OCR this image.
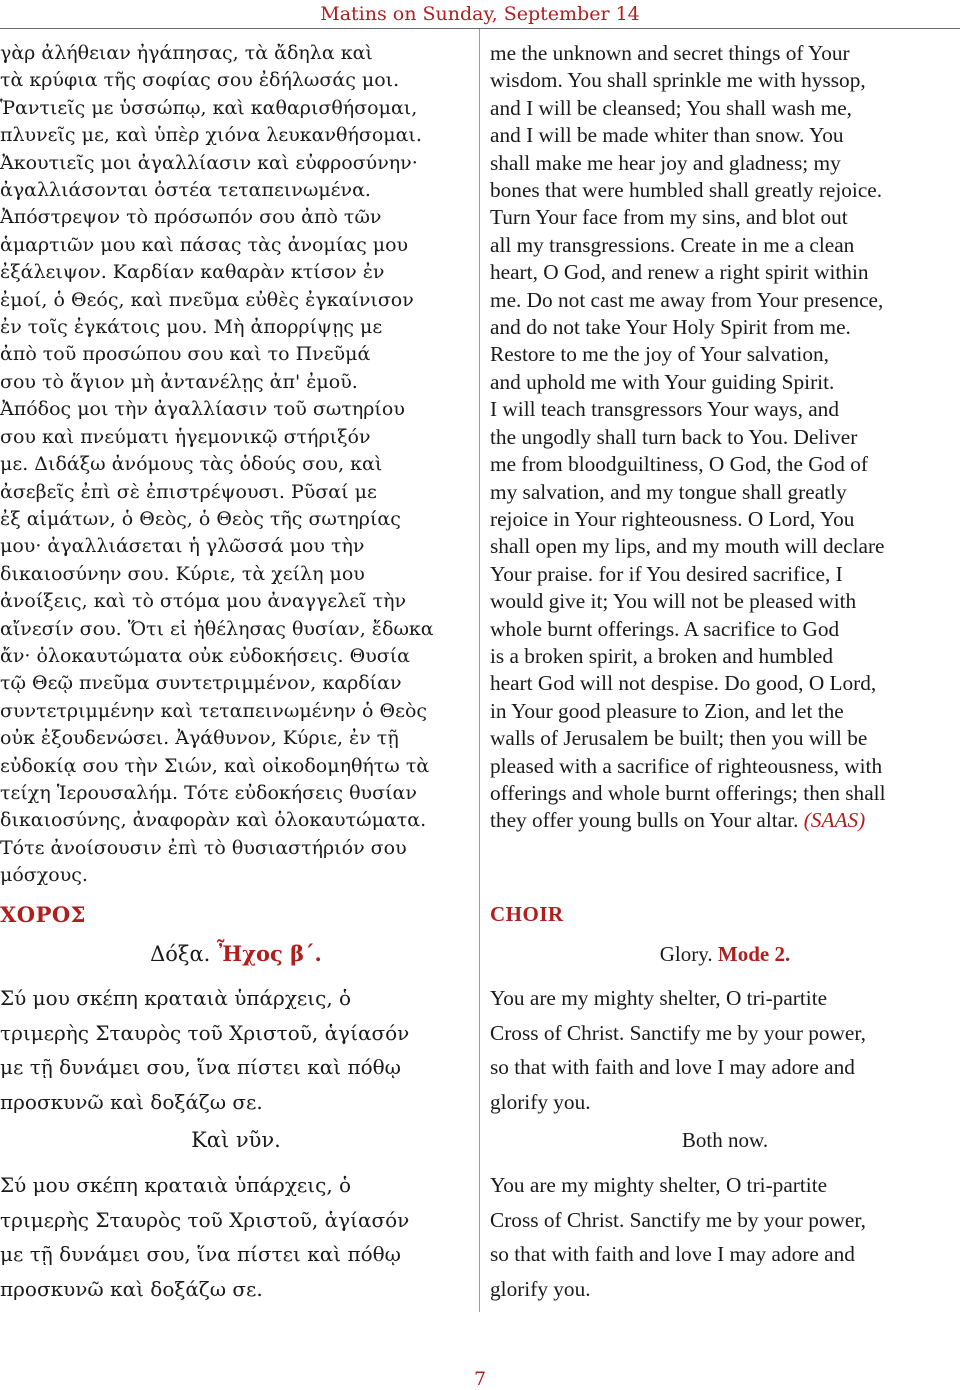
Matins on Sunday, September 14

γὰρ ἀλήθειαν ἠγάπησας, τὰ ἄδηλα καὶ
τὰ κρύφια τῆς σοφίας σου ἐδήλωσάς μοι.
Ῥαντιεῖς με ὑσσώπῳ, καὶ καθαρισθήσομαι,
πλυνεῖς με, καὶ ὑπὲρ χιόνα λευκανθήσομαι.
Ἀκουτιεῖς μοι ἀγαλλίασιν καὶ εὐφροσύνην·
ἀγαλλιάσονται ὀστέα τεταπεινωμένα.
Ἀπόστρεψον τὸ πρόσωπόν σου ἀπὸ τῶν
ἁμαρτιῶν μου καὶ πάσας τὰς ἀνομίας μου
ἐξάλειψον. Καρδίαν καθαρὰν κτίσον ἐν
ἐμοί, ὁ Θεός, καὶ πνεῦμα εὐθὲς ἐγκαίνισον
ἐν τοῖς ἐγκάτοις μου. Μὴ ἀπορρίψῃς με
ἀπὸ τοῦ προσώπου σου καὶ το Πνεῦμά
σου τὸ ἅγιον μὴ ἀντανέλῃς ἀπ' ἐμοῦ.
Ἀπόδος μοι τὴν ἀγαλλίασιν τοῦ σωτηρίου
σου καὶ πνεύματι ἡγεμονικῷ στήριξόν
με. Διδάξω ἀνόμους τὰς ὁδούς σου, καὶ
ἀσεβεῖς ἐπὶ σὲ ἐπιστρέψουσι. Ρῦσαί με
ἐξ αἱμάτων, ὁ Θεὸς, ὁ Θεὸς τῆς σωτηρίας
μου· ἀγαλλιάσεται ἡ γλῶσσά μου τὴν
δικαιοσύνην σου. Κύριε, τὰ χείλη μου
ἀνοίξεις, καὶ τὸ στόμα μου ἀναγγελεῖ τὴν
αἴνεσίν σου. Ὅτι εἰ ἠθέλησας θυσίαν, ἔδωκα
ἄν· ὁλοκαυτώματα οὐκ εὐδοκήσεις. Θυσία
τῷ Θεῷ πνεῦμα συντετριμμένον, καρδίαν
συντετριμμένην καὶ τεταπεινωμένην ὁ Θεὸς
οὐκ ἐξουδενώσει. Ἀγάθυνον, Κύριε, ἐν τῇ
εὐδοκίᾳ σου τὴν Σιών, καὶ οἰκοδομηθήτω τὰ
τείχη Ἱερουσαλήμ. Τότε εὐδοκήσεις θυσίαν
δικαιοσύνης, ἀναφορὰν καὶ ὁλοκαυτώματα.
Τότε ἀνοίσουσιν ἐπὶ τὸ θυσιαστήριόν σου
μόσχους.

me the unknown and secret things of Your
wisdom. You shall sprinkle me with hyssop,
and I will be cleansed; You shall wash me,
and I will be made whiter than snow. You
shall make me hear joy and gladness; my
bones that were humbled shall greatly rejoice.
Turn Your face from my sins, and blot out
all my transgressions. Create in me a clean
heart, O God, and renew a right spirit within
me. Do not cast me away from Your presence,
and do not take Your Holy Spirit from me.
Restore to me the joy of Your salvation,
and uphold me with Your guiding Spirit.
I will teach transgressors Your ways, and
the ungodly shall turn back to You. Deliver
me from bloodguiltiness, O God, the God of
my salvation, and my tongue shall greatly
rejoice in Your righteousness. O Lord, You
shall open my lips, and my mouth will declare
Your praise. for if You desired sacrifice, I
would give it; You will not be pleased with
whole burnt offerings. A sacrifice to God
is a broken spirit, a broken and humbled
heart God will not despise. Do good, O Lord,
in Your good pleasure to Zion, and let the
walls of Jerusalem be built; then you will be
pleased with a sacrifice of righteousness, with
offerings and whole burnt offerings; then shall
they offer young bulls on Your altar. (SAAS)

ΧΟΡΟΣ	CHOIR
Δόξα. Ἦχος β΄.	Glory. Mode 2.

Σύ μου σκέπη κραταιὰ ὑπάρχεις, ὁ
τριμερὴς Σταυρὸς τοῦ Χριστοῦ, ἁγίασόν
με τῇ δυνάμει σου, ἵνα πίστει καὶ πόθῳ
προσκυνῶ καὶ δοξάζω σε.

You are my mighty shelter, O tri-partite
Cross of Christ. Sanctify me by your power,
so that with faith and love I may adore and
glorify you.

Καὶ νῦν.	Both now.

Σύ μου σκέπη κραταιὰ ὑπάρχεις, ὁ
τριμερὴς Σταυρὸς τοῦ Χριστοῦ, ἁγίασόν
με τῇ δυνάμει σου, ἵνα πίστει καὶ πόθῳ
προσκυνῶ καὶ δοξάζω σε.

You are my mighty shelter, O tri-partite
Cross of Christ. Sanctify me by your power,
so that with faith and love I may adore and
glorify you.

7
